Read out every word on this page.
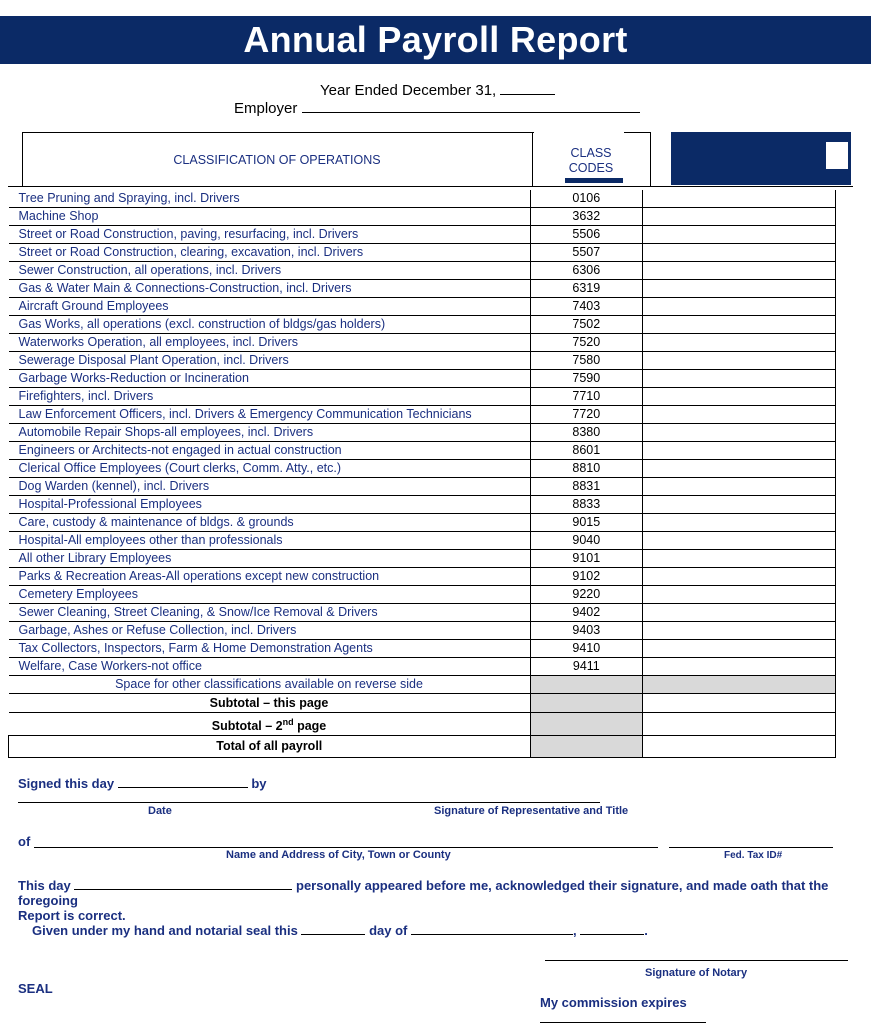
Annual Payroll Report
Year Ended December 31,
Employer
CLASSIFICATION OF OPERATIONS	CLASS
CODES
Tree Pruning and Spraying, incl. Drivers	0106	
Machine Shop	3632	
Street or Road Construction, paving, resurfacing, incl. Drivers	5506	
Street or Road Construction, clearing, excavation, incl. Drivers	5507	
Sewer Construction, all operations, incl. Drivers	6306	
Gas & Water Main & Connections-Construction, incl. Drivers	6319	
Aircraft Ground Employees	7403	
Gas Works, all operations (excl. construction of bldgs/gas holders)	7502	
Waterworks Operation, all employees, incl. Drivers	7520	
Sewerage Disposal Plant Operation, incl. Drivers	7580	
Garbage Works-Reduction or Incineration	7590	
Firefighters, incl. Drivers	7710	
Law Enforcement Officers, incl. Drivers & Emergency Communication Technicians	7720	
Automobile Repair Shops-all employees, incl. Drivers	8380	
Engineers or Architects-not engaged in actual construction	8601	
Clerical Office Employees (Court clerks, Comm. Atty., etc.)	8810	
Dog Warden (kennel), incl. Drivers	8831	
Hospital-Professional Employees	8833	
Care, custody & maintenance of bldgs. & grounds	9015	
Hospital-All employees other than professionals	9040	
All other Library Employees	9101	
Parks & Recreation Areas-All operations except new construction	9102	
Cemetery Employees	9220	
Sewer Cleaning, Street Cleaning, & Snow/Ice Removal & Drivers	9402	
Garbage, Ashes or Refuse Collection, incl. Drivers	9403	
Tax Collectors, Inspectors, Farm & Home Demonstration Agents	9410	
Welfare, Case Workers-not office	9411	
Space for other classifications available on reverse side		
Subtotal – this page		
Subtotal – 2nd page		
Total of all payroll		
Signed this day	by
Date	Signature of Representative and Title
of
Name and Address of City, Town or County	Fed. Tax ID#
This day	personally appeared before me, acknowledged their signature, and made oath that the foregoing
Report is correct.
Given under my hand and notarial seal this	day of	,	.
Signature of Notary
SEAL
My commission expires
